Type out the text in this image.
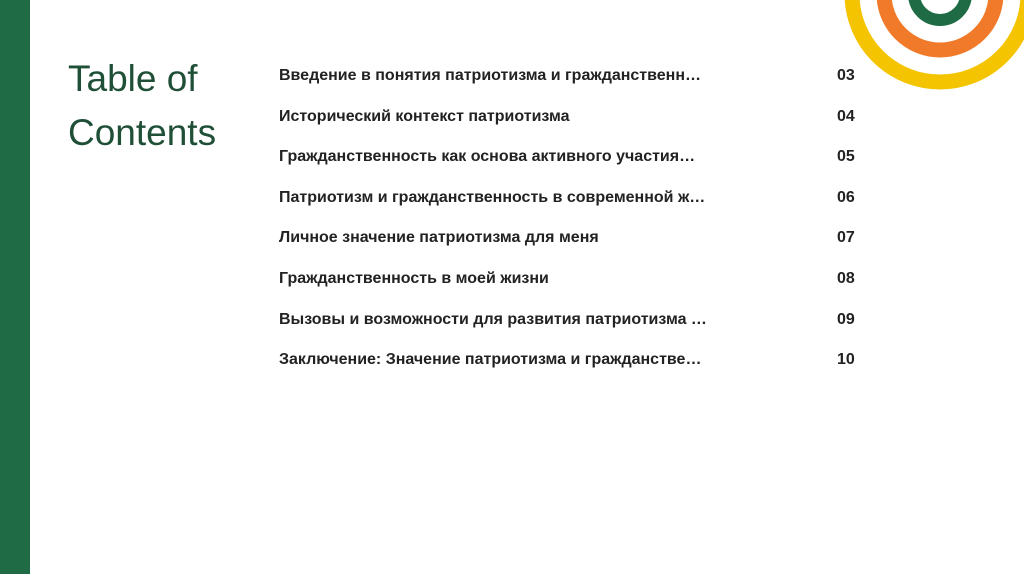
Table of
Contents
Введение в понятия патриотизма и гражданственн…	03
Исторический контекст патриотизма	04
Гражданственность как основа активного участия…	05
Патриотизм и гражданственность в современной ж…	06
Личное значение патриотизма для меня	07
Гражданственность в моей жизни	08
Вызовы и возможности для развития патриотизма …	09
Заключение: Значение патриотизма и гражданстве…	10
